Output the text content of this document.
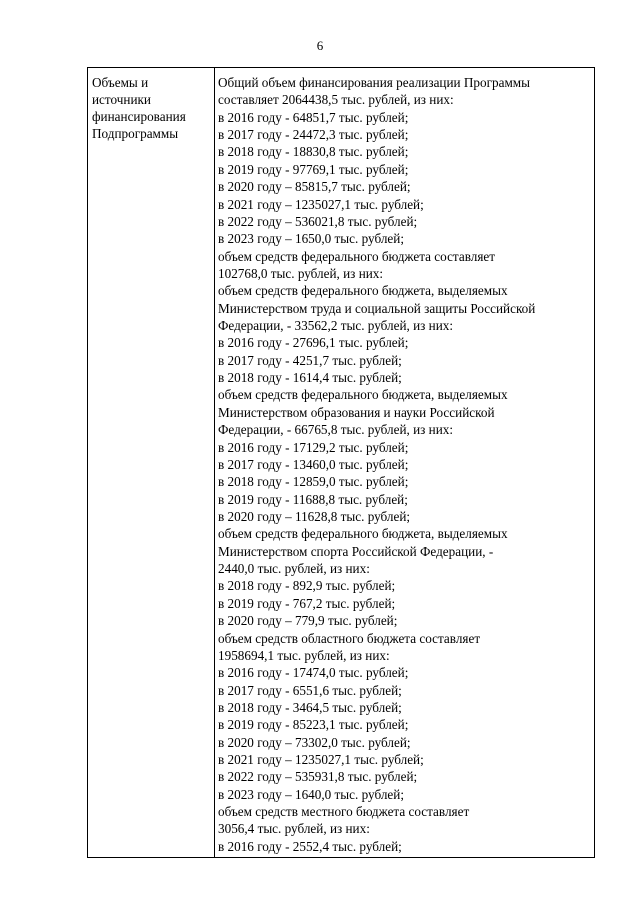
6
Объемы и
источники
финансирования
Подпрограммы
Общий объем финансирования реализации Программы
составляет 2064438,5 тыс. рублей, из них:
в 2016 году - 64851,7 тыс. рублей;
в 2017 году - 24472,3 тыс. рублей;
в 2018 году - 18830,8 тыс. рублей;
в 2019 году - 97769,1 тыс. рублей;
в 2020 году – 85815,7 тыс. рублей;
в 2021 году – 1235027,1 тыс. рублей;
в 2022 году – 536021,8 тыс. рублей;
в 2023 году – 1650,0 тыс. рублей;
объем средств федерального бюджета составляет
102768,0 тыс. рублей, из них:
объем средств федерального бюджета, выделяемых
Министерством труда и социальной защиты Российской
Федерации, - 33562,2 тыс. рублей, из них:
в 2016 году - 27696,1 тыс. рублей;
в 2017 году - 4251,7 тыс. рублей;
в 2018 году - 1614,4 тыс. рублей;
объем средств федерального бюджета, выделяемых
Министерством образования и науки Российской
Федерации, - 66765,8 тыс. рублей, из них:
в 2016 году - 17129,2 тыс. рублей;
в 2017 году - 13460,0 тыс. рублей;
в 2018 году - 12859,0 тыс. рублей;
в 2019 году - 11688,8 тыс. рублей;
в 2020 году – 11628,8 тыс. рублей;
объем средств федерального бюджета, выделяемых
Министерством спорта Российской Федерации, -
2440,0 тыс. рублей, из них:
в 2018 году - 892,9 тыс. рублей;
в 2019 году - 767,2 тыс. рублей;
в 2020 году – 779,9 тыс. рублей;
объем средств областного бюджета составляет
1958694,1 тыс. рублей, из них:
в 2016 году - 17474,0 тыс. рублей;
в 2017 году - 6551,6 тыс. рублей;
в 2018 году - 3464,5 тыс. рублей;
в 2019 году - 85223,1 тыс. рублей;
в 2020 году – 73302,0 тыс. рублей;
в 2021 году – 1235027,1 тыс. рублей;
в 2022 году – 535931,8 тыс. рублей;
в 2023 году – 1640,0 тыс. рублей;
объем средств местного бюджета составляет
3056,4 тыс. рублей, из них:
в 2016 году - 2552,4 тыс. рублей;
